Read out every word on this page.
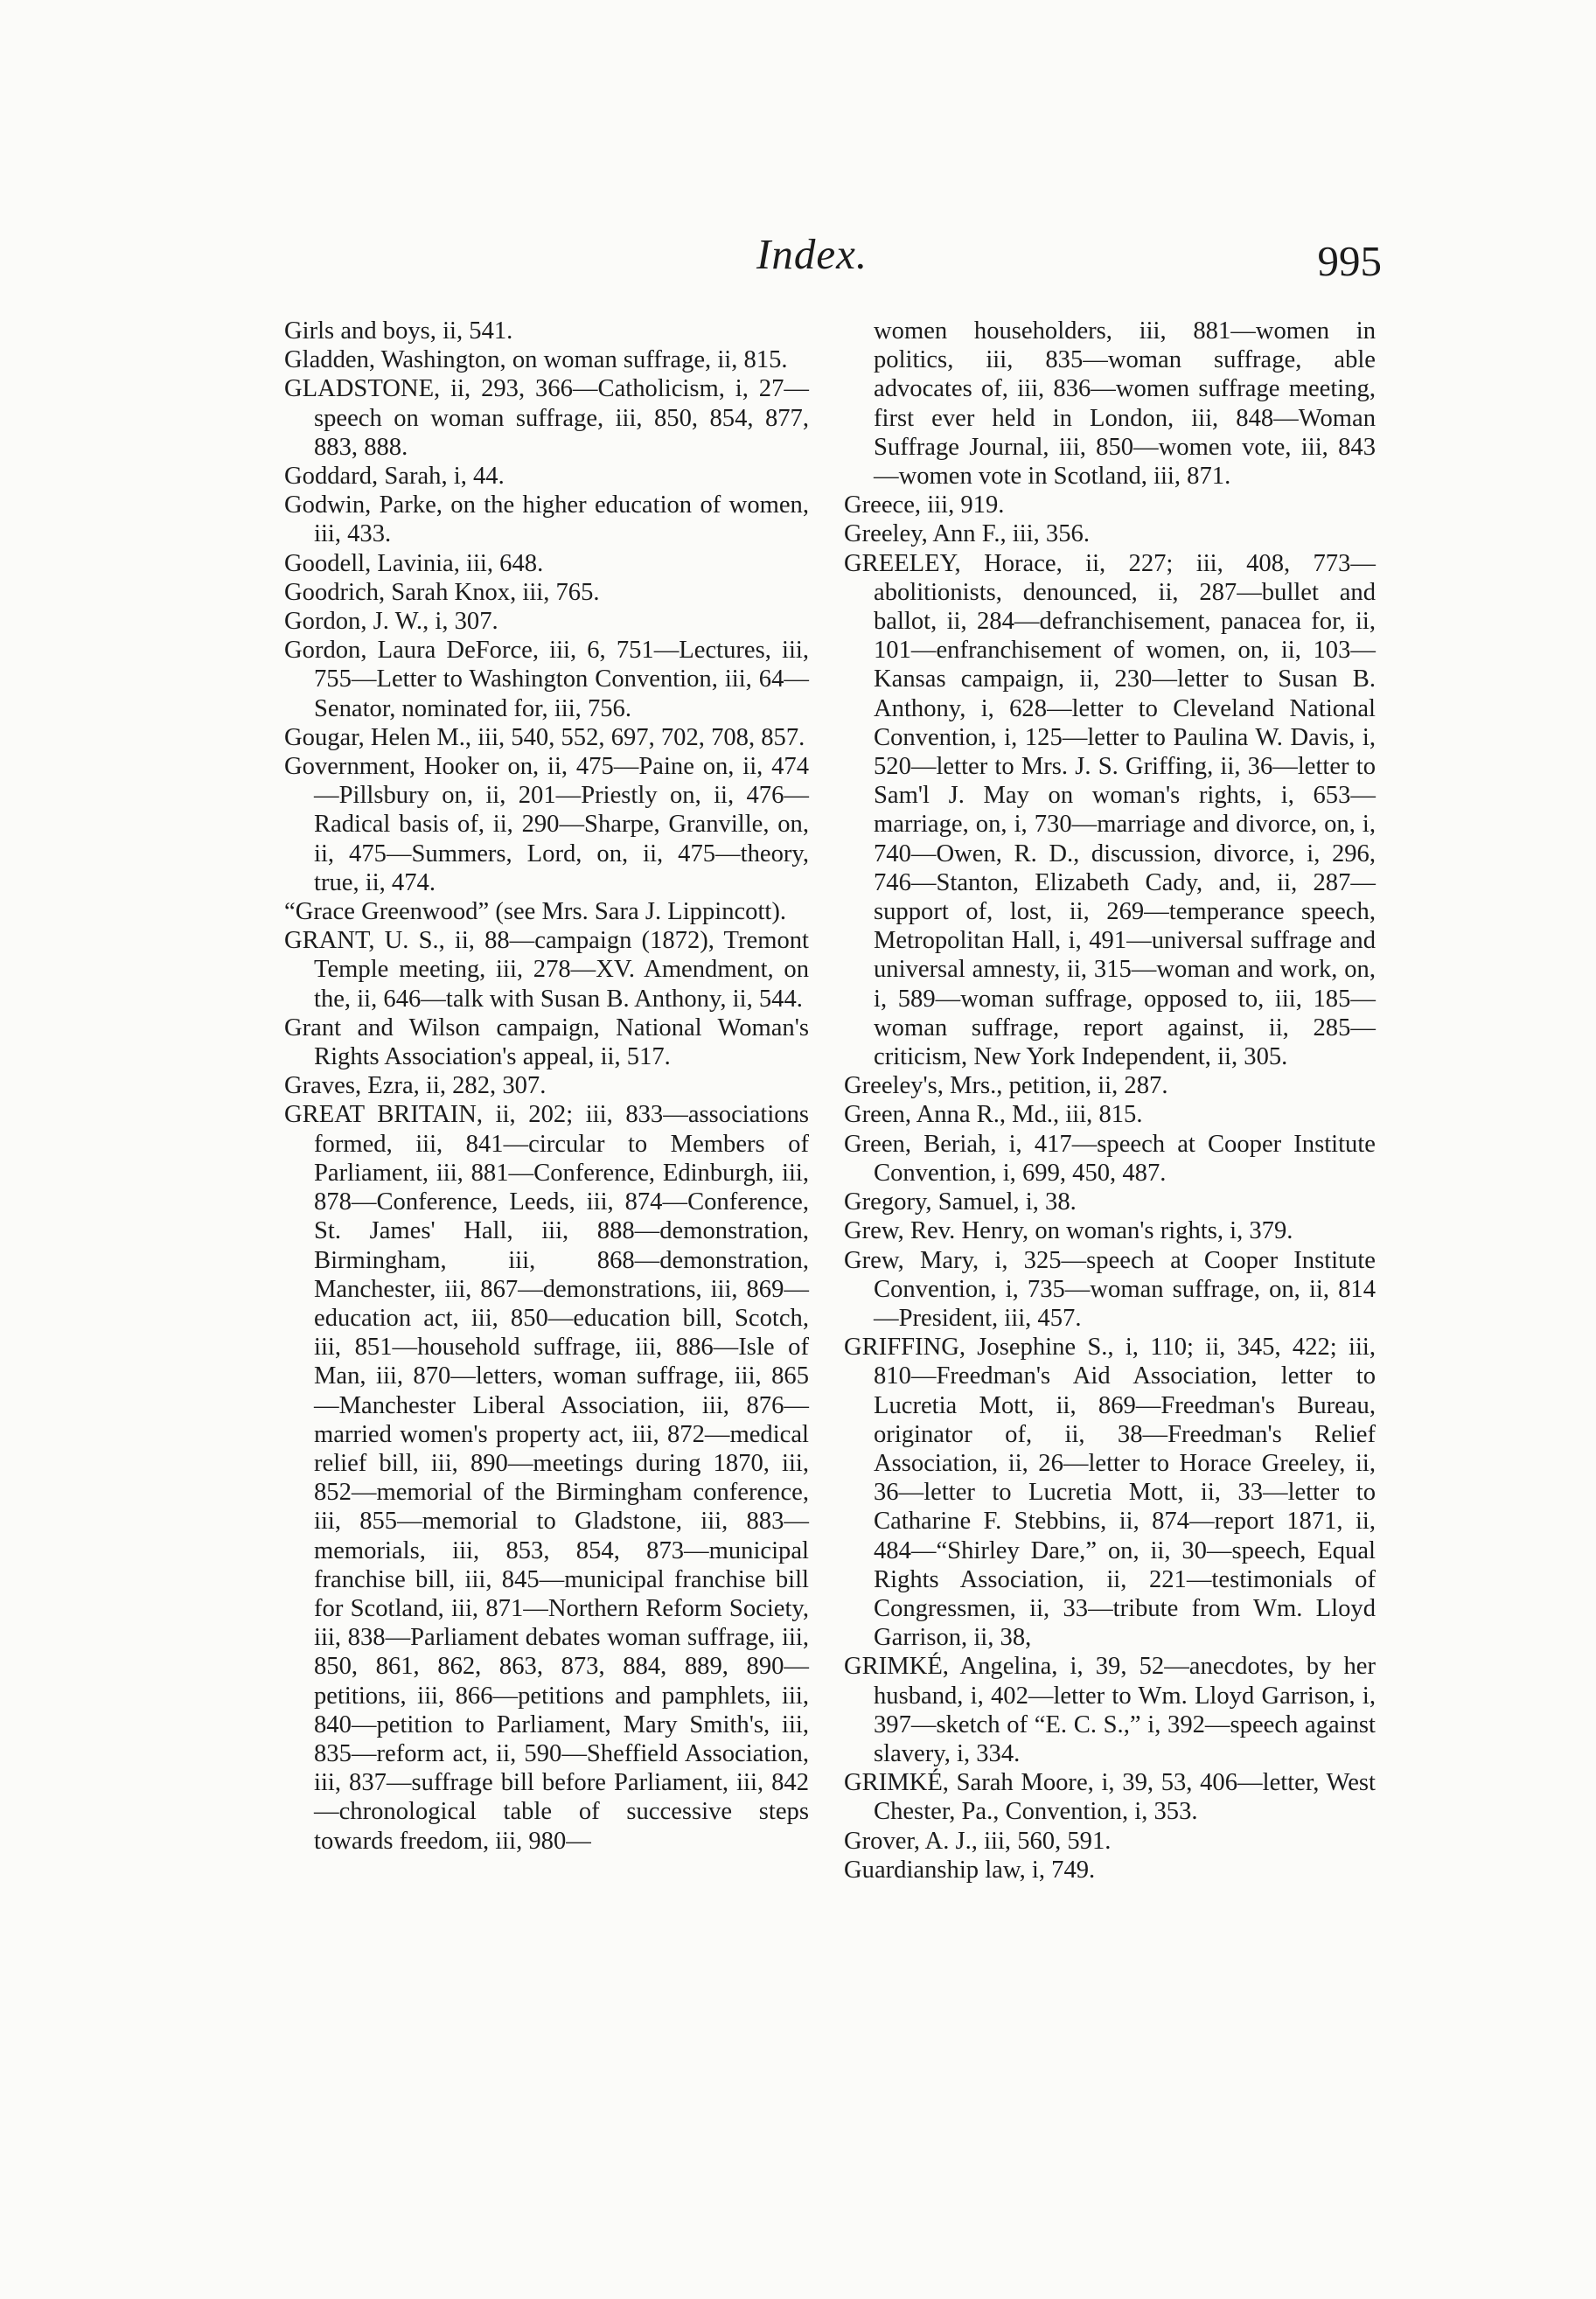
Index.	995

Girls and boys, ii, 541.

Gladden, Washington, on woman suffrage, ii, 815.

GLADSTONE, ii, 293, 366—Catholicism, i, 27—speech on woman suffrage, iii, 850, 854, 877, 883, 888.

Goddard, Sarah, i, 44.

Godwin, Parke, on the higher education of women, iii, 433.

Goodell, Lavinia, iii, 648.

Goodrich, Sarah Knox, iii, 765.

Gordon, J. W., i, 307.

Gordon, Laura DeForce, iii, 6, 751—Lectures, iii, 755—Letter to Washington Convention, iii, 64—Senator, nominated for, iii, 756.

Gougar, Helen M., iii, 540, 552, 697, 702, 708, 857.

Government, Hooker on, ii, 475—Paine on, ii, 474—Pillsbury on, ii, 201—Priestly on, ii, 476—Radical basis of, ii, 290—Sharpe, Granville, on, ii, 475—Summers, Lord, on, ii, 475—theory, true, ii, 474.

“Grace Greenwood” (see Mrs. Sara J. Lippincott).

GRANT, U. S., ii, 88—campaign (1872), Tremont Temple meeting, iii, 278—XV. Amendment, on the, ii, 646—talk with Susan B. Anthony, ii, 544.

Grant and Wilson campaign, National Woman's Rights Association's appeal, ii, 517.

Graves, Ezra, ii, 282, 307.

GREAT BRITAIN, ii, 202; iii, 833—associations formed, iii, 841—circular to Members of Parliament, iii, 881—Conference, Edinburgh, iii, 878—Conference, Leeds, iii, 874—Conference, St. James' Hall, iii, 888—demonstration, Birmingham, iii, 868—demonstration, Manchester, iii, 867—demonstrations, iii, 869—education act, iii, 850—education bill, Scotch, iii, 851—household suffrage, iii, 886—Isle of Man, iii, 870—letters, woman suffrage, iii, 865—Manchester Liberal Association, iii, 876—married women's property act, iii, 872—medical relief bill, iii, 890—meetings during 1870, iii, 852—memorial of the Birmingham conference, iii, 855—memorial to Gladstone, iii, 883—memorials, iii, 853, 854, 873—municipal franchise bill, iii, 845—municipal franchise bill for Scotland, iii, 871—Northern Reform Society, iii, 838—Parliament debates woman suffrage, iii, 850, 861, 862, 863, 873, 884, 889, 890—petitions, iii, 866—petitions and pamphlets, iii, 840—petition to Parliament, Mary Smith's, iii, 835—reform act, ii, 590—Sheffield Association, iii, 837—suffrage bill before Parliament, iii, 842—chronological table of successive steps towards freedom, iii, 980—

women householders, iii, 881—women in politics, iii, 835—woman suffrage, able advocates of, iii, 836—women suffrage meeting, first ever held in London, iii, 848—Woman Suffrage Journal, iii, 850—women vote, iii, 843—women vote in Scotland, iii, 871.

Greece, iii, 919.

Greeley, Ann F., iii, 356.

GREELEY, Horace, ii, 227; iii, 408, 773—abolitionists, denounced, ii, 287—bullet and ballot, ii, 284—defranchisement, panacea for, ii, 101—enfranchisement of women, on, ii, 103—Kansas campaign, ii, 230—letter to Susan B. Anthony, i, 628—letter to Cleveland National Convention, i, 125—letter to Paulina W. Davis, i, 520—letter to Mrs. J. S. Griffing, ii, 36—letter to Sam'l J. May on woman's rights, i, 653—marriage, on, i, 730—marriage and divorce, on, i, 740—Owen, R. D., discussion, divorce, i, 296, 746—Stanton, Elizabeth Cady, and, ii, 287—support of, lost, ii, 269—temperance speech, Metropolitan Hall, i, 491—universal suffrage and universal amnesty, ii, 315—woman and work, on, i, 589—woman suffrage, opposed to, iii, 185—woman suffrage, report against, ii, 285—criticism, New York Independent, ii, 305.

Greeley's, Mrs., petition, ii, 287.

Green, Anna R., Md., iii, 815.

Green, Beriah, i, 417—speech at Cooper Institute Convention, i, 699, 450, 487.

Gregory, Samuel, i, 38.

Grew, Rev. Henry, on woman's rights, i, 379.

Grew, Mary, i, 325—speech at Cooper Institute Convention, i, 735—woman suffrage, on, ii, 814—President, iii, 457.

GRIFFING, Josephine S., i, 110; ii, 345, 422; iii, 810—Freedman's Aid Association, letter to Lucretia Mott, ii, 869—Freedman's Bureau, originator of, ii, 38—Freedman's Relief Association, ii, 26—letter to Horace Greeley, ii, 36—letter to Lucretia Mott, ii, 33—letter to Catharine F. Stebbins, ii, 874—report 1871, ii, 484—“Shirley Dare,” on, ii, 30—speech, Equal Rights Association, ii, 221—testimonials of Congressmen, ii, 33—tribute from Wm. Lloyd Garrison, ii, 38,

GRIMKÉ, Angelina, i, 39, 52—anecdotes, by her husband, i, 402—letter to Wm. Lloyd Garrison, i, 397—sketch of “E. C. S.,” i, 392—speech against slavery, i, 334.

GRIMKÉ, Sarah Moore, i, 39, 53, 406—letter, West Chester, Pa., Convention, i, 353.

Grover, A. J., iii, 560, 591.

Guardianship law, i, 749.
